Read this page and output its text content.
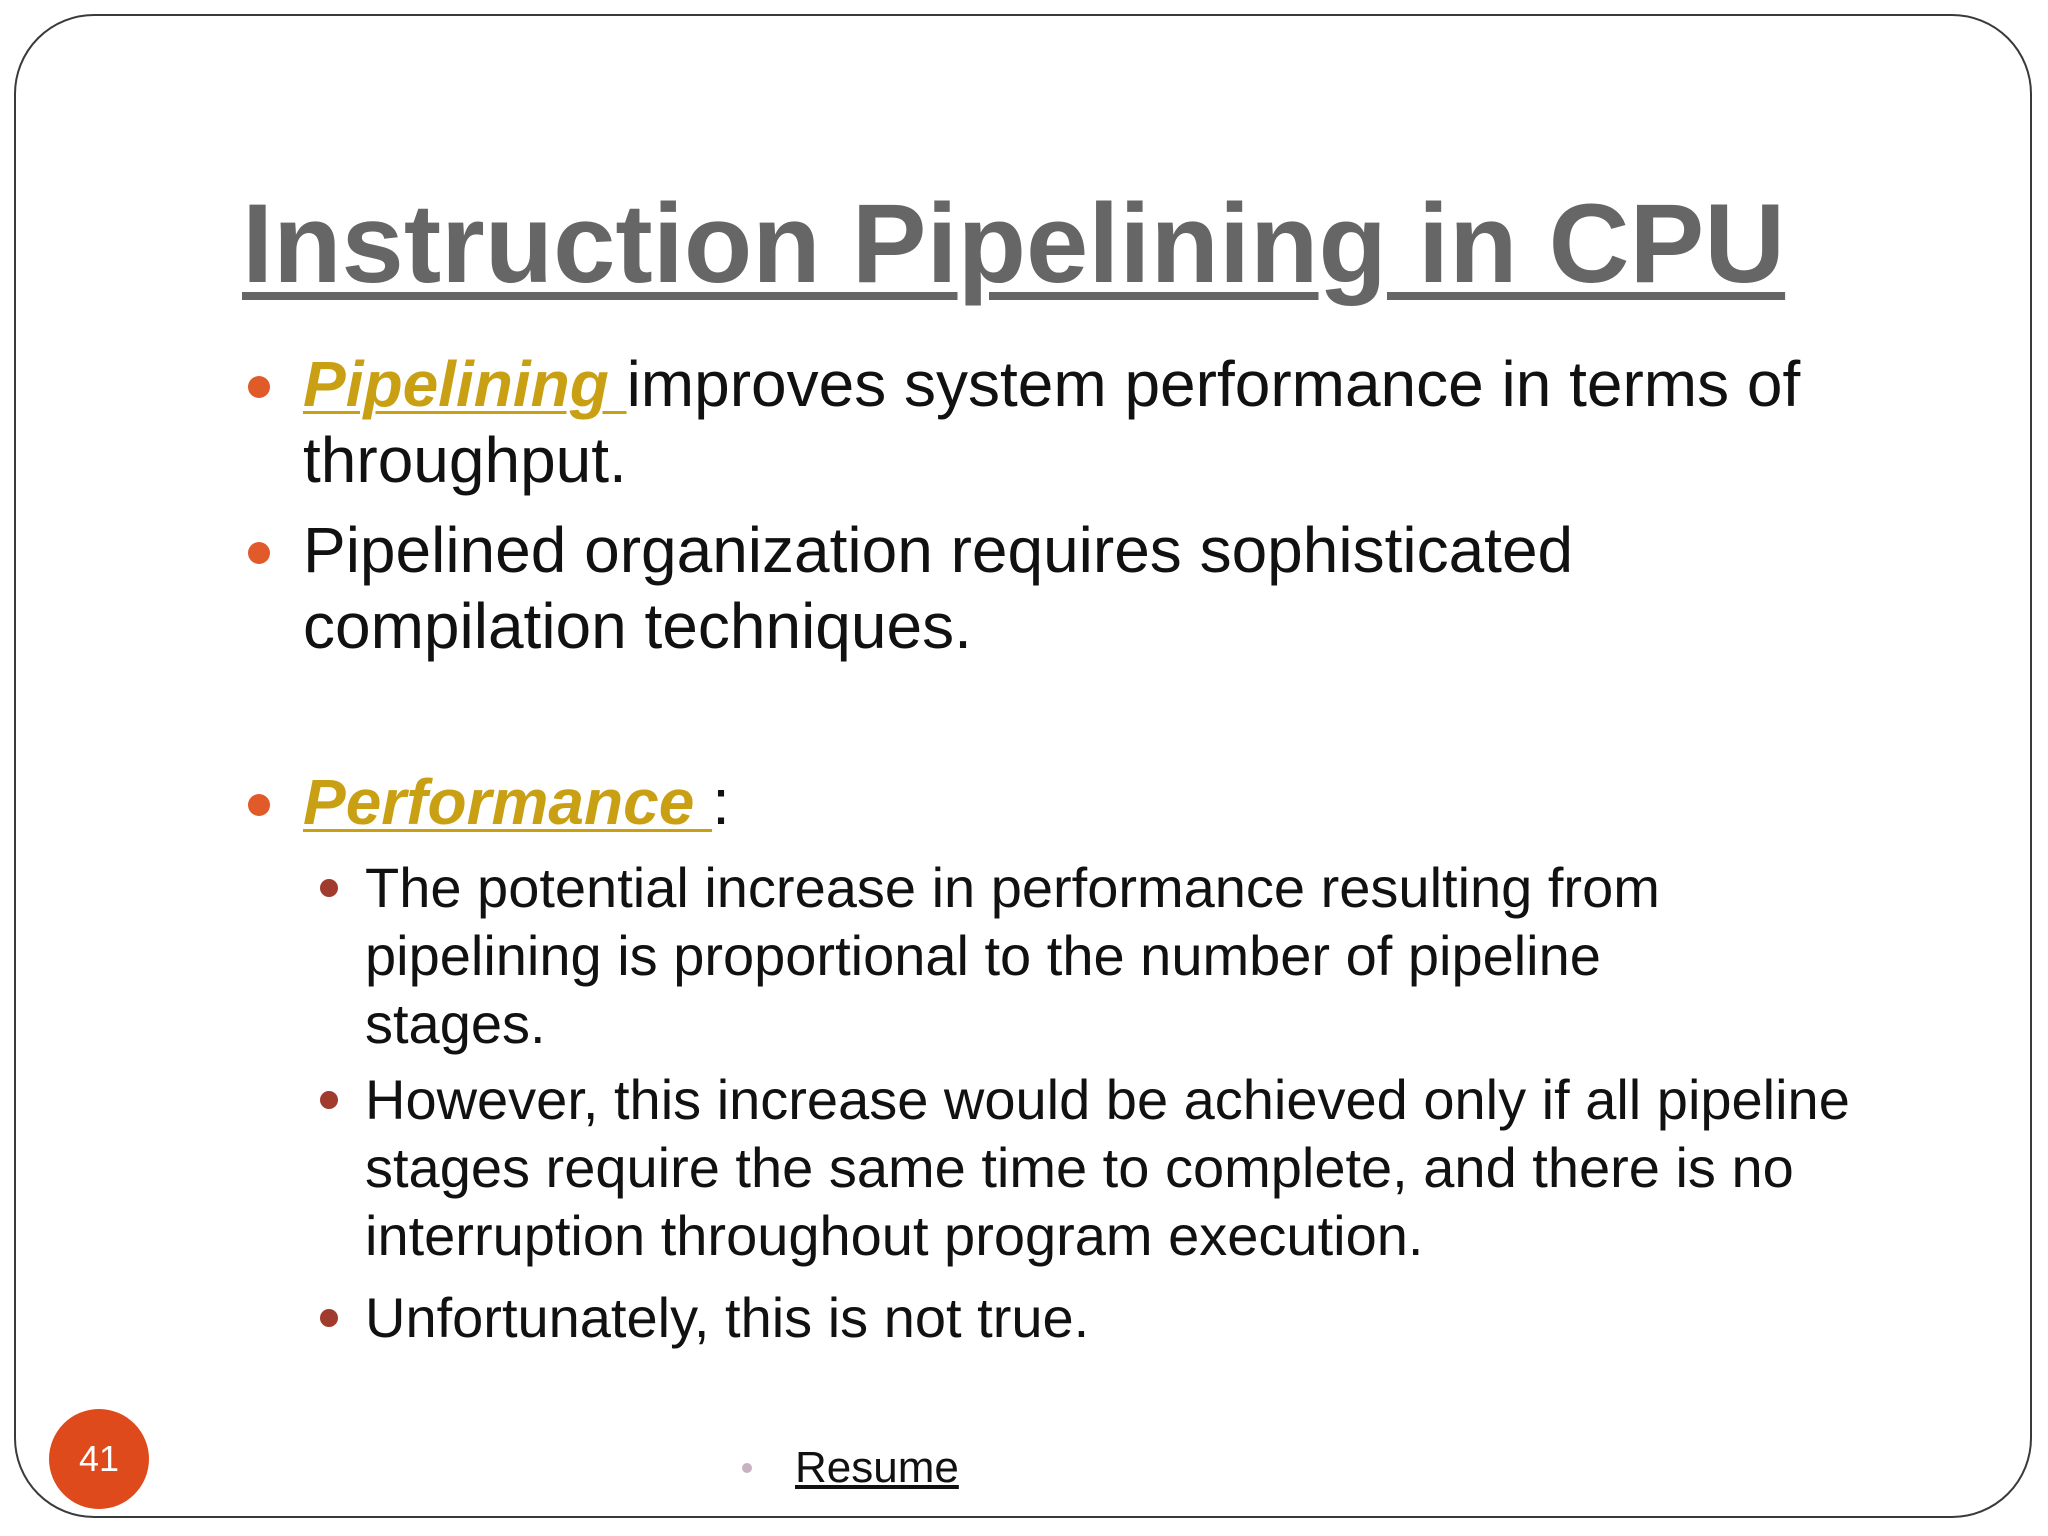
Instruction Pipelining in CPU
Pipelining improves system performance in terms of throughput.
Pipelined organization requires sophisticated compilation techniques.
Performance :
The potential increase in performance resulting from pipelining is proportional to the number of pipeline stages.
However, this increase would be achieved only if all pipeline stages require the same time to complete, and there is no interruption throughout program execution.
Unfortunately, this is not true.
41	Resume
